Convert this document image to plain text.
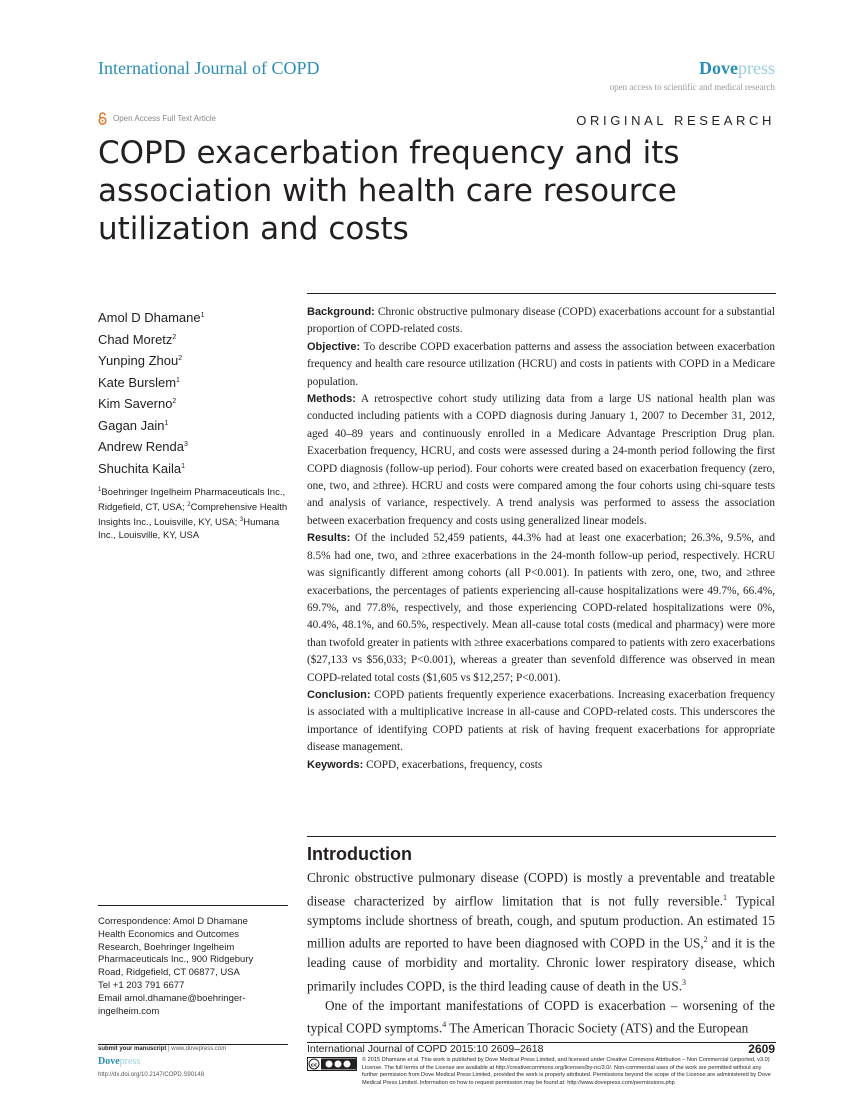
International Journal of COPD	Dovepress
open access to scientific and medical research
Open Access Full Text Article	ORIGINAL RESEARCH
COPD exacerbation frequency and its association with health care resource utilization and costs
Amol D Dhamane$^1$
Chad Moretz$^2$
Yunping Zhou$^2$
Kate Burslem$^1$
Kim Saverno$^2$
Gagan Jain$^1$
Andrew Renda$^3$
Shuchita Kaila$^1$
$^1$Boehringer Ingelheim Pharmaceuticals Inc., Ridgefield, CT, USA; $^2$Comprehensive Health Insights Inc., Louisville, KY, USA; $^3$Humana Inc., Louisville, KY, USA
Correspondence: Amol D Dhamane
Health Economics and Outcomes
Research, Boehringer Ingelheim
Pharmaceuticals Inc., 900 Ridgebury
Road, Ridgefield, CT 06877, USA
Tel +1 203 791 6677
Email amol.dhamane@boehringer-
ingelheim.com

Background: Chronic obstructive pulmonary disease (COPD) exacerbations account for a substantial proportion of COPD-related costs.

Objective: To describe COPD exacerbation patterns and assess the association between exacerbation frequency and health care resource utilization (HCRU) and costs in patients with COPD in a Medicare population.

Methods: A retrospective cohort study utilizing data from a large US national health plan was conducted including patients with a COPD diagnosis during January 1, 2007 to December 31, 2012, aged 40–89 years and continuously enrolled in a Medicare Advantage Prescription Drug plan. Exacerbation frequency, HCRU, and costs were assessed during a 24-month period following the first COPD diagnosis (follow-up period). Four cohorts were created based on exacerbation frequency (zero, one, two, and ≥three). HCRU and costs were compared among the four cohorts using chi-square tests and analysis of variance, respectively. A trend analysis was performed to assess the association between exacerbation frequency and costs using generalized linear models.

Results: Of the included 52,459 patients, 44.3% had at least one exacerbation; 26.3%, 9.5%, and 8.5% had one, two, and ≥three exacerbations in the 24-month follow-up period, respectively. HCRU was significantly different among cohorts (all P<0.001). In patients with zero, one, two, and ≥three exacerbations, the percentages of patients experiencing all-cause hospitalizations were 49.7%, 66.4%, 69.7%, and 77.8%, respectively, and those experiencing COPD-related hospitalizations were 0%, 40.4%, 48.1%, and 60.5%, respectively. Mean all-cause total costs (medical and pharmacy) were more than twofold greater in patients with ≥three exacerbations compared to patients with zero exacerbations ($27,133 vs $56,033; P<0.001), whereas a greater than sevenfold difference was observed in mean COPD-related total costs ($1,605 vs $12,257; P<0.001).

Conclusion: COPD patients frequently experience exacerbations. Increasing exacerbation frequency is associated with a multiplicative increase in all-cause and COPD-related costs. This underscores the importance of identifying COPD patients at risk of having frequent exacerbations for appropriate disease management.

Keywords: COPD, exacerbations, frequency, costs

Introduction

Chronic obstructive pulmonary disease (COPD) is mostly a preventable and treatable disease characterized by airflow limitation that is not fully reversible.$^1$ Typical symptoms include shortness of breath, cough, and sputum production. An estimated 15 million adults are reported to have been diagnosed with COPD in the US,$^2$ and it is the leading cause of morbidity and mortality. Chronic lower respiratory disease, which primarily includes COPD, is the third leading cause of death in the US.$^3$

One of the important manifestations of COPD is exacerbation – worsening of the typical COPD symptoms.$^4$ The American Thoracic Society (ATS) and the European

submit your manuscript | www.dovepress.com
Dovepress
http://dx.doi.org/10.2147/COPD.S90148
International Journal of COPD 2015:10 2609–2618	2609
cc
© 2015 Dhamane et al. This work is published by Dove Medical Press Limited, and licensed under Creative Commons Attribution – Non Commercial (unported, v3.0) License. The full terms of the License are available at http://creativecommons.org/licenses/by-nc/3.0/. Non-commercial uses of the work are permitted without any further permission from Dove Medical Press Limited, provided the work is properly attributed. Permissions beyond the scope of the License are administered by Dove Medical Press Limited. Information on how to request permission may be found at: http://www.dovepress.com/permissions.php
